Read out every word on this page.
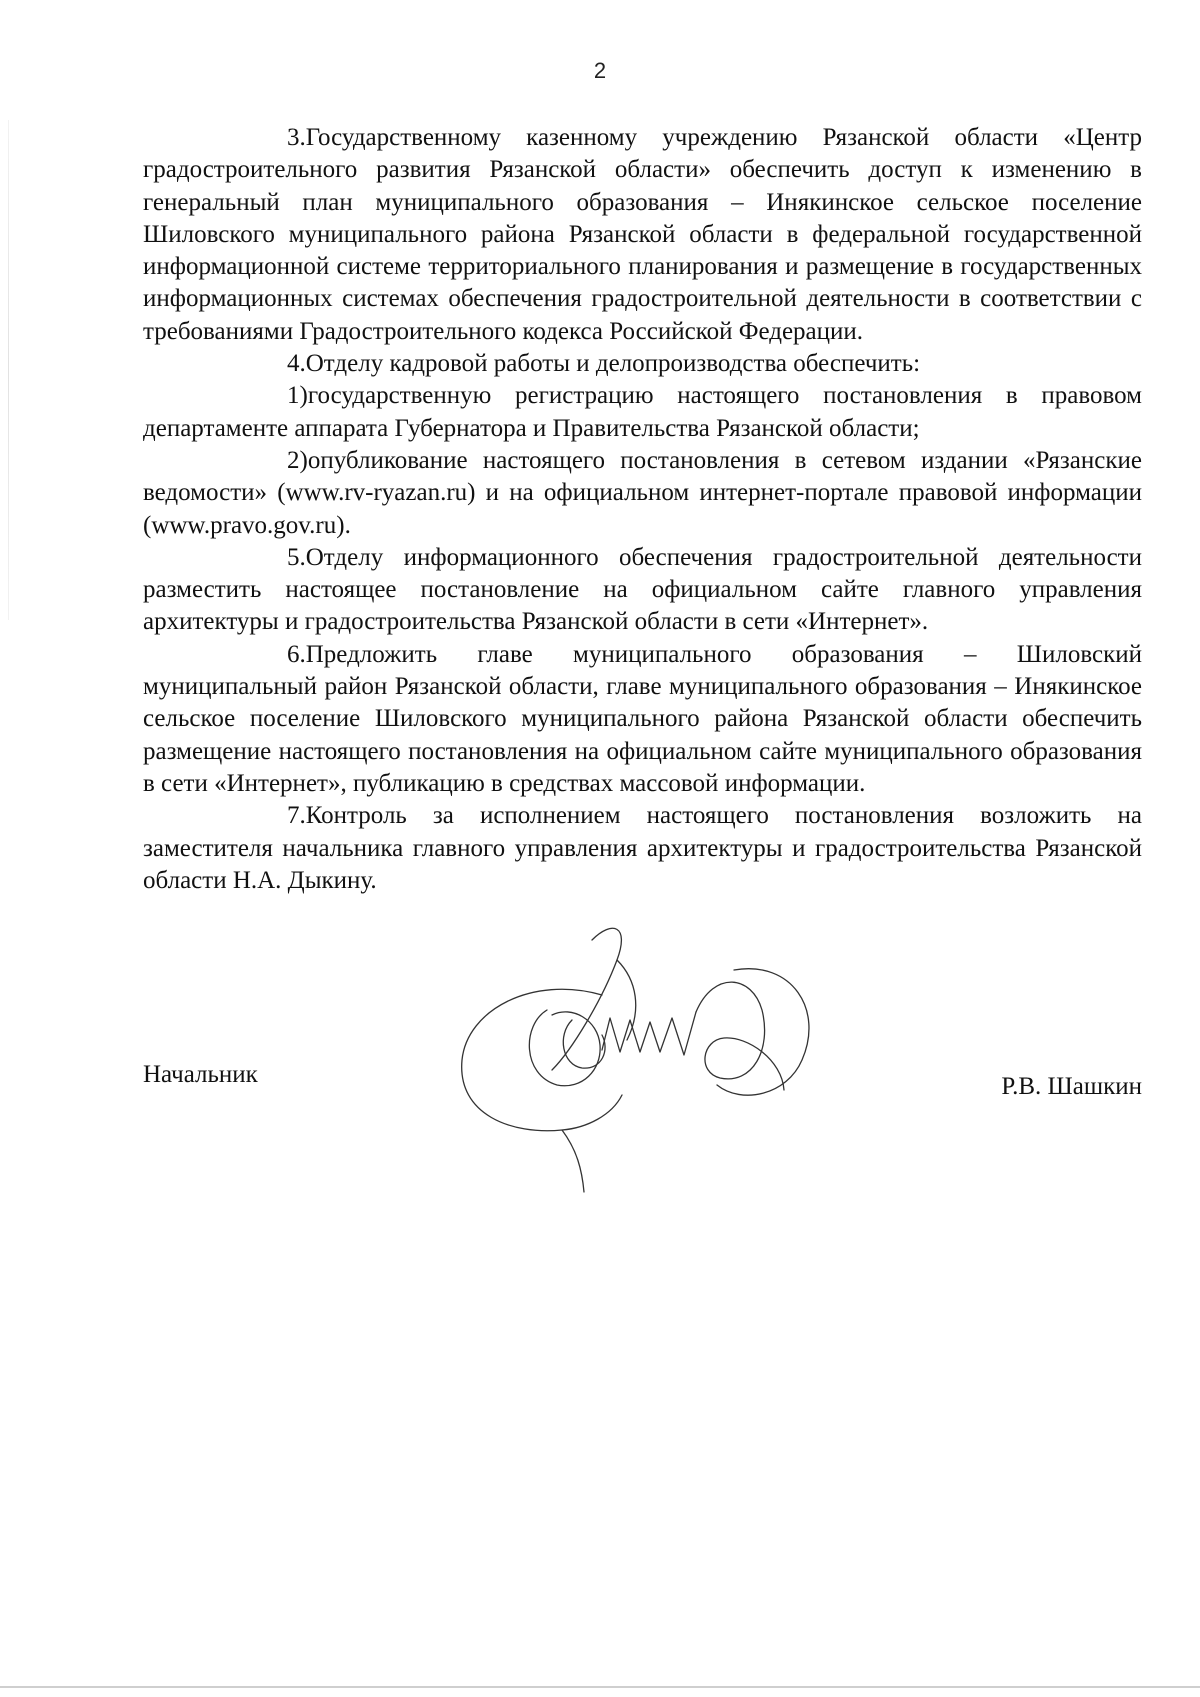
2

3.Государственному казенному учреждению Рязанской области «Центр градостроительного развития Рязанской области» обеспечить доступ к изменению в генеральный план муниципального образования – Инякинское сельское поселение Шиловского муниципального района Рязанской области в федеральной государственной информационной системе территориального планирования и размещение в государственных информационных системах обеспечения градостроительной деятельности в соответствии с требованиями Градостроительного кодекса Российской Федерации.

4.Отделу кадровой работы и делопроизводства обеспечить:

1)государственную регистрацию настоящего постановления в правовом департаменте аппарата Губернатора и Правительства Рязанской области;

2)опубликование настоящего постановления в сетевом издании «Рязанские ведомости» (www.rv-ryazan.ru) и на официальном интернет-портале правовой информации (www.pravo.gov.ru).

5.Отделу информационного обеспечения градостроительной деятельности разместить настоящее постановление на официальном сайте главного управления архитектуры и градостроительства Рязанской области в сети «Интернет».

6.Предложить главе муниципального образования – Шиловский муниципальный район Рязанской области, главе муниципального образования – Инякинское сельское поселение Шиловского муниципального района Рязанской области обеспечить размещение настоящего постановления на официальном сайте муниципального образования в сети «Интернет», публикацию в средствах массовой информации.

7.Контроль за исполнением настоящего постановления возложить на заместителя начальника главного управления архитектуры и градостроительства Рязанской области Н.А. Дыкину.

Начальник	Р.В. Шашкин
